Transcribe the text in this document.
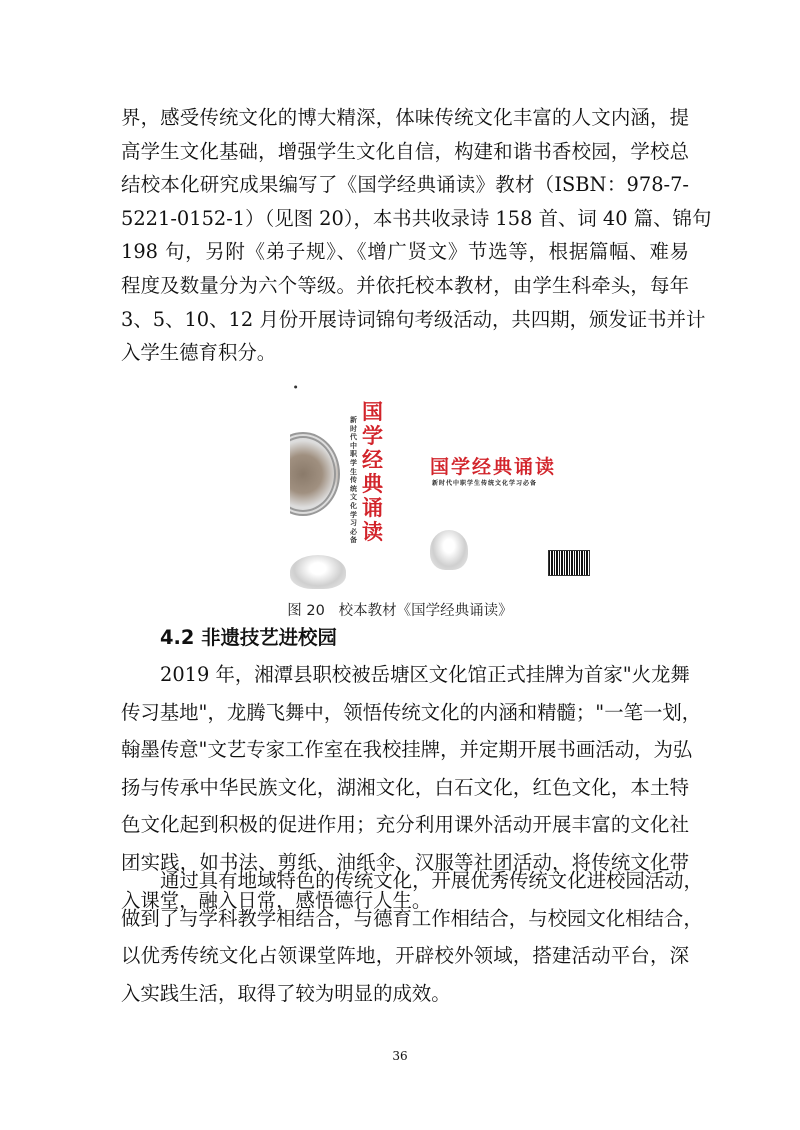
界，感受传统文化的博大精深，体味传统文化丰富的人文内涵，提
高学生文化基础，增强学生文化自信，构建和谐书香校园，学校总
结校本化研究成果编写了《国学经典诵读》教材（ISBN：978-7-
5221-0152-1）（见图 20），本书共收录诗 158 首、词 40 篇、锦句
198 句，另附《弟子规》、《增广贤文》节选等，根据篇幅、难易
程度及数量分为六个等级。并依托校本教材，由学生科牵头，每年
3、5、10、12 月份开展诗词锦句考级活动，共四期，颁发证书并计
入学生德育积分。
●
新时代中职学生传统文化学习必备
国学经典诵读
国学经典诵读
新时代中职学生传统文化学习必备
图 20   校本教材《国学经典诵读》
4.2 非遗技艺进校园
2019 年，湘潭县职校被岳塘区文化馆正式挂牌为首家"火龙舞
传习基地"，龙腾飞舞中，领悟传统文化的内涵和精髓；"一笔一划，
翰墨传意"文艺专家工作室在我校挂牌，并定期开展书画活动，为弘
扬与传承中华民族文化，湖湘文化，白石文化，红色文化，本土特
色文化起到积极的促进作用；充分利用课外活动开展丰富的文化社
团实践，如书法、剪纸、油纸伞、汉服等社团活动，将传统文化带
入课堂，融入日常，感悟德行人生。
通过具有地域特色的传统文化，开展优秀传统文化进校园活动，
做到了与学科教学相结合，与德育工作相结合，与校园文化相结合，
以优秀传统文化占领课堂阵地，开辟校外领域，搭建活动平台，深
入实践生活，取得了较为明显的成效。
36
